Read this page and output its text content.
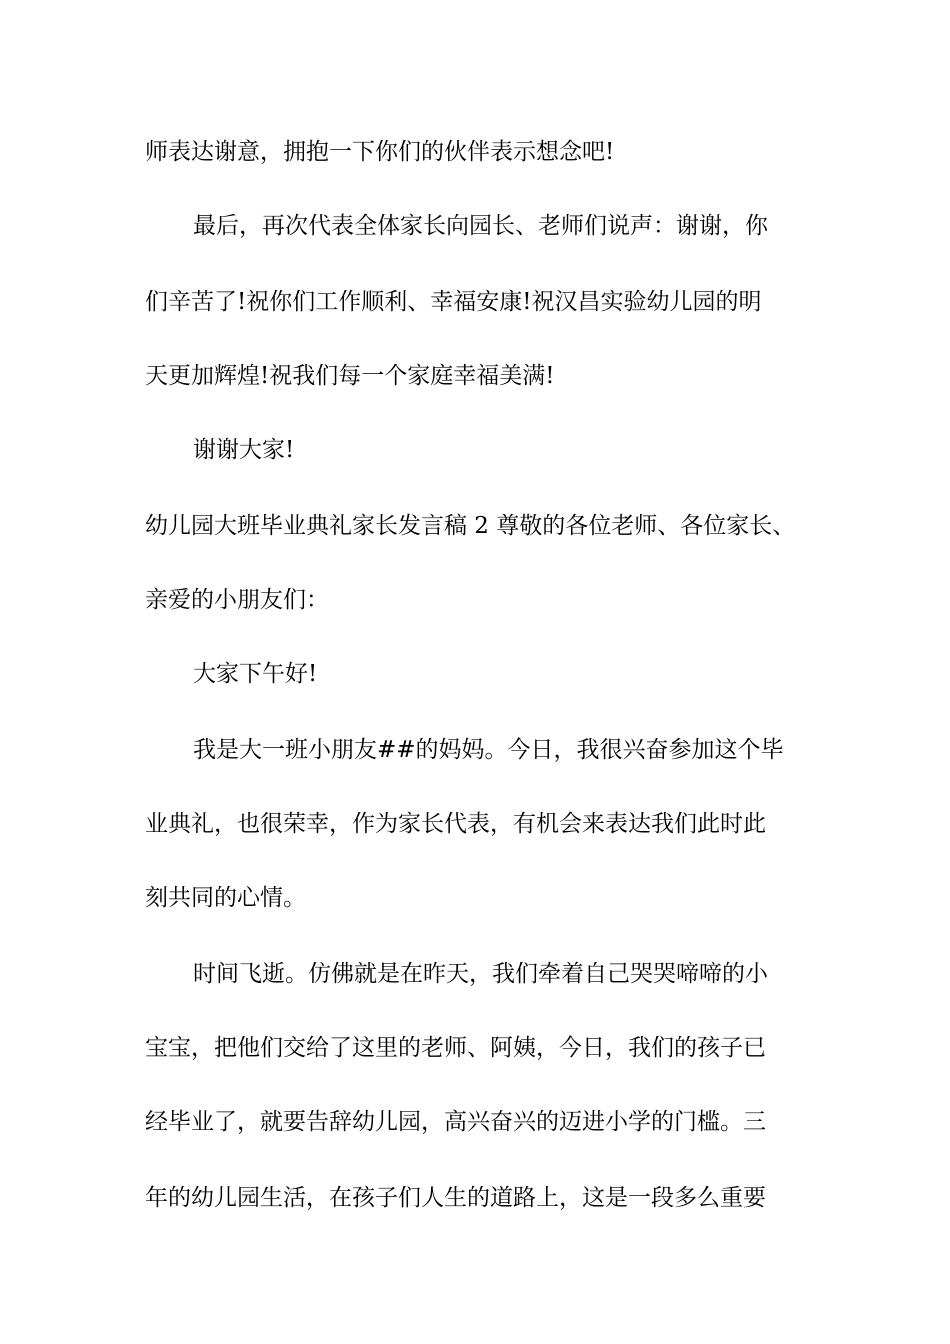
师表达谢意，拥抱一下你们的伙伴表示想念吧!
最后，再次代表全体家长向园长、老师们说声：谢谢，你
们辛苦了!祝你们工作顺利、幸福安康!祝汉昌实验幼儿园的明
天更加辉煌!祝我们每一个家庭幸福美满!
谢谢大家!
幼儿园大班毕业典礼家长发言稿 2 尊敬的各位老师、各位家长、
亲爱的小朋友们：
大家下午好!
我是大一班小朋友##的妈妈。今日，我很兴奋参加这个毕
业典礼，也很荣幸，作为家长代表，有机会来表达我们此时此
刻共同的心情。
时间飞逝。仿佛就是在昨天，我们牵着自己哭哭啼啼的小
宝宝，把他们交给了这里的老师、阿姨，今日，我们的孩子已
经毕业了，就要告辞幼儿园，高兴奋兴的迈进小学的门槛。三
年的幼儿园生活，在孩子们人生的道路上，这是一段多么重要
